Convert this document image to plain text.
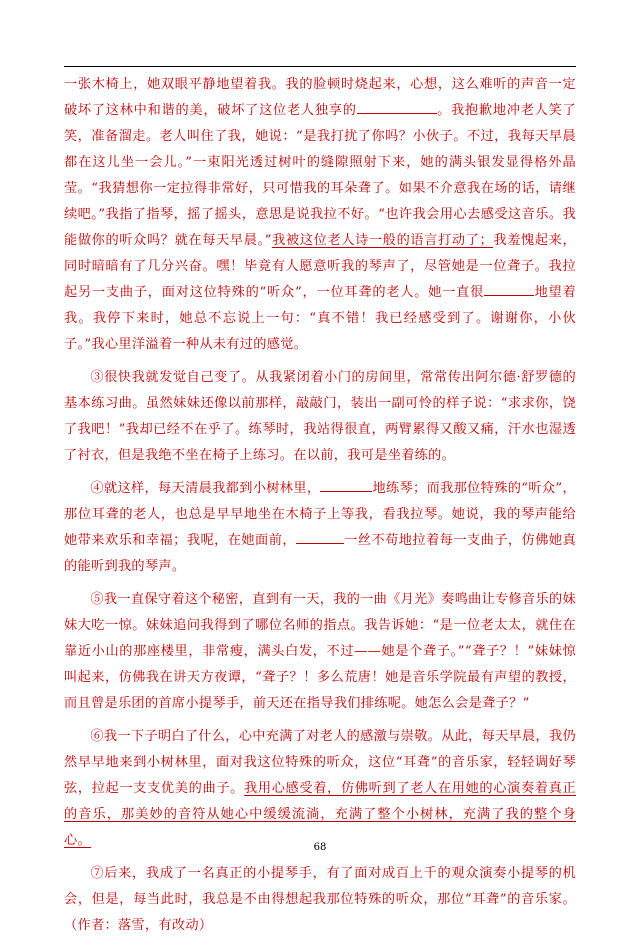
一张木椅上，她双眼平静地望着我。我的脸顿时烧起来，心想，这么难听的声音一定破坏了这林中和谐的美，破坏了这位老人独享的	。我抱歉地冲老人笑了笑，准备溜走。老人叫住了我，她说：“是我打扰了你吗？小伙子。不过，我每天早晨都在这儿坐一会儿。”一束阳光透过树叶的缝隙照射下来，她的满头银发显得格外晶莹。“我猜想你一定拉得非常好，只可惜我的耳朵聋了。如果不介意我在场的话，请继续吧。”我指了指琴，摇了摇头，意思是说我拉不好。“也许我会用心去感受这音乐。我能做你的听众吗？就在每天早晨。”我被这位老人诗一般的语言打动了；我羞愧起来，同时暗暗有了几分兴奋。嘿！毕竟有人愿意听我的琴声了，尽管她是一位聋子。我拉起另一支曲子，面对这位特殊的“听众”，一位耳聋的老人。她一直很	地望着我。我停下来时，她总不忘说上一句：“真不错！我已经感受到了。谢谢你，小伙子。”我心里洋溢着一种从未有过的感觉。

③很快我就发觉自己变了。从我紧闭着小门的房间里，常常传出阿尔德·舒罗德的基本练习曲。虽然妹妹还像以前那样，敲敲门，装出一副可怜的样子说：“求求你，饶了我吧！”我却已经不在乎了。练琴时，我站得很直，两臂累得又酸又痛，汗水也湿透了衬衣，但是我绝不坐在椅子上练习。在以前，我可是坐着练的。

④就这样，每天清晨我都到小树林里，	地练琴；而我那位特殊的“听众”，那位耳聋的老人，也总是早早地坐在木椅子上等我，看我拉琴。她说，我的琴声能给她带来欢乐和幸福；我呢，在她面前，	一丝不苟地拉着每一支曲子，仿佛她真的能听到我的琴声。

⑤我一直保守着这个秘密，直到有一天，我的一曲《月光》奏鸣曲让专修音乐的妹妹大吃一惊。妹妹追问我得到了哪位名师的指点。我告诉她：“是一位老太太，就住在靠近小山的那座楼里，非常瘦，满头白发，不过——她是个聋子。”“聋子？！”妹妹惊叫起来，仿佛我在讲天方夜谭，“聋子？！多么荒唐！她是音乐学院最有声望的教授，而且曾是乐团的首席小提琴手，前天还在指导我们排练呢。她怎么会是聋子？”

⑥我一下子明白了什么，心中充满了对老人的感激与崇敬。从此，每天早晨，我仍然早早地来到小树林里，面对我这位特殊的听众，这位“耳聋”的音乐家，轻轻调好琴弦，拉起一支支优美的曲子。我用心感受着，仿佛听到了老人在用她的心演奏着真正的音乐，那美妙的音符从她心中缓缓流淌，充满了整个小树林，充满了我的整个身心。

⑦后来，我成了一名真正的小提琴手，有了面对成百上千的观众演奏小提琴的机会，但是，每当此时，我总是不由得想起我那位特殊的听众，那位“耳聋”的音乐家。（作者：落雪，有改动）

68
